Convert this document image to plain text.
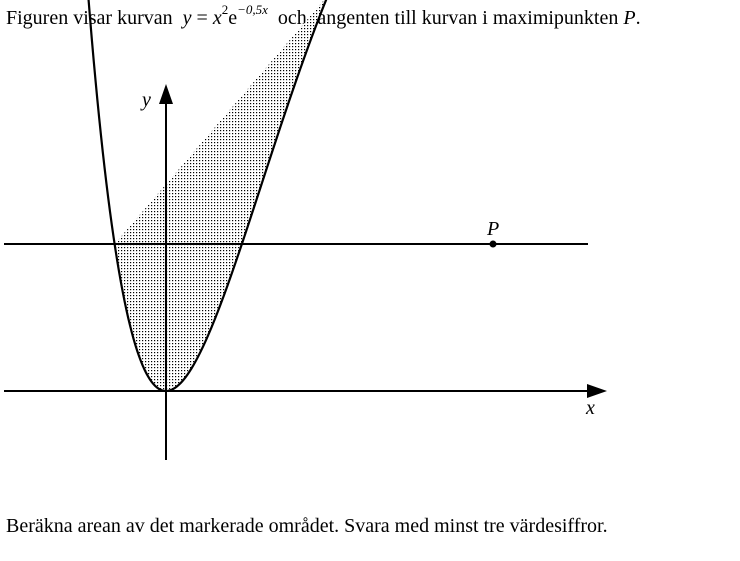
Figuren visar kurvan $y = x^2e^{-0,5x}$ och tangenten till kurvan i maximipunkten P.
P
x
y
Beräkna arean av det markerade området. Svara med minst tre värdesiffror.
